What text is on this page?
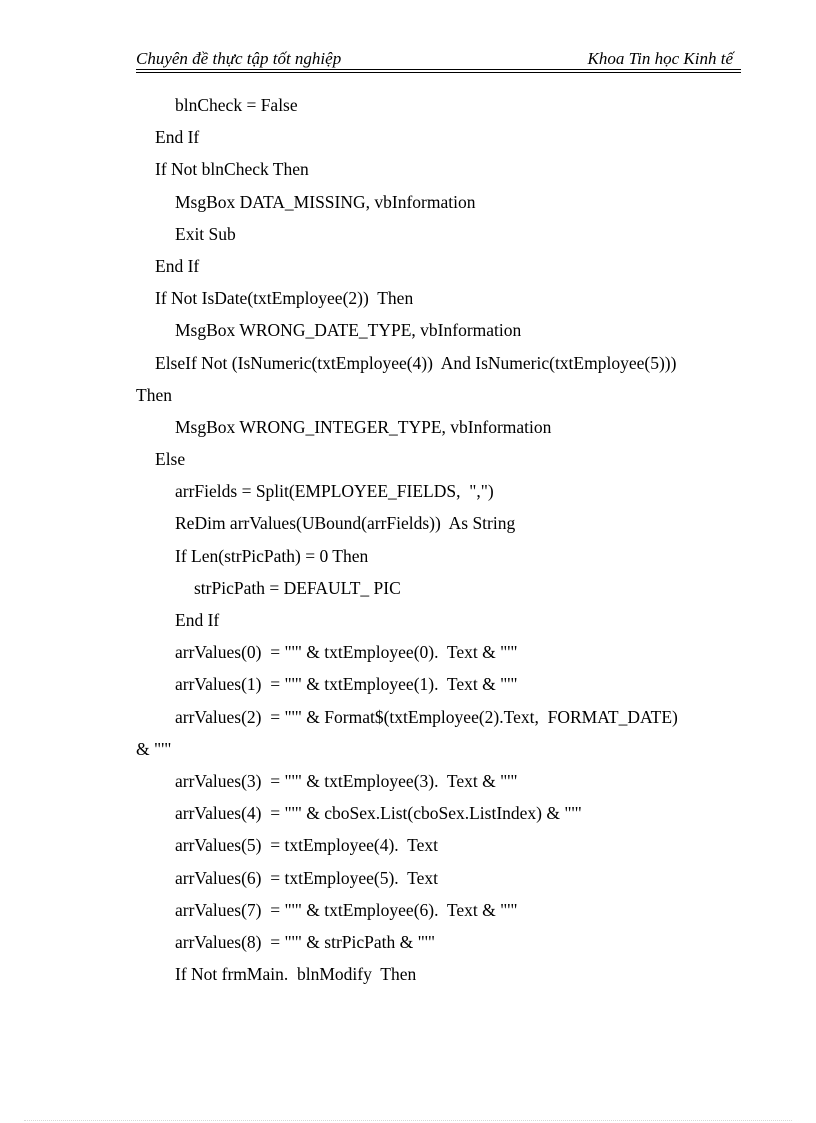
Chuyên đề thực tập tốt nghiệp	Khoa Tin học Kinh tế
blnCheck = False
End If
If Not blnCheck Then
MsgBox DATA_MISSING, vbInformation
Exit Sub
End If
If Not IsDate(txtEmployee(2))  Then
MsgBox WRONG_DATE_TYPE, vbInformation
ElseIf Not (IsNumeric(txtEmployee(4))  And IsNumeric(txtEmployee(5)))
Then
MsgBox WRONG_INTEGER_TYPE, vbInformation
Else
arrFields = Split(EMPLOYEE_FIELDS,  ",")
ReDim arrValues(UBound(arrFields))  As String
If Len(strPicPath) = 0 Then
strPicPath = DEFAULT_ PIC
End If
arrValues(0)  = "'" & txtEmployee(0).  Text & "'"
arrValues(1)  = "'" & txtEmployee(1).  Text & "'"
arrValues(2)  = "'" & Format$(txtEmployee(2).Text,  FORMAT_DATE)
& "'"
arrValues(3)  = "'" & txtEmployee(3).  Text & "'"
arrValues(4)  = "'" & cboSex.List(cboSex.ListIndex) & "'"
arrValues(5)  = txtEmployee(4).  Text
arrValues(6)  = txtEmployee(5).  Text
arrValues(7)  = "'" & txtEmployee(6).  Text & "'"
arrValues(8)  = "'" & strPicPath & "'"
If Not frmMain.  blnModify  Then
